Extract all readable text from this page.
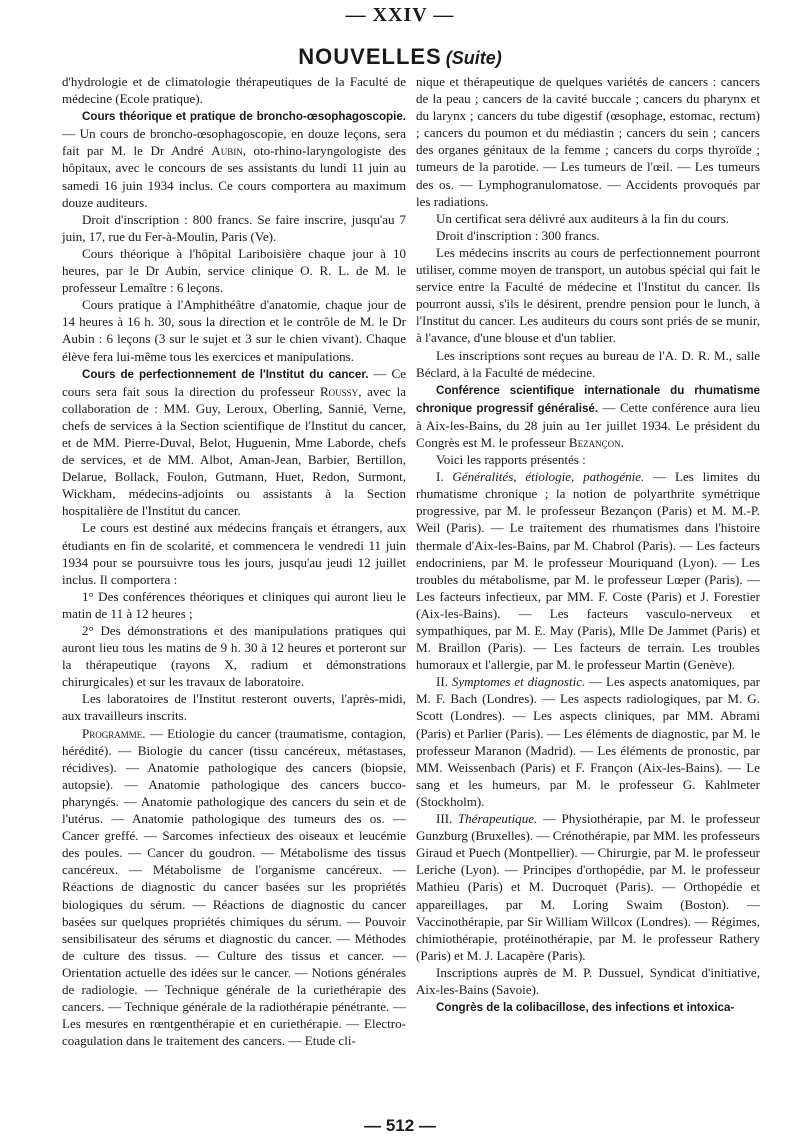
— XXIV —
NOUVELLES (Suite)

d'hydrologie et de climatologie thérapeutiques de la Faculté de médecine (Ecole pratique).

Cours théorique et pratique de broncho-œsophagoscopie. — Un cours de broncho-œsophagoscopie, en douze leçons, sera fait par M. le Dr André Aubin, oto-rhino-laryngologiste des hôpitaux, avec le concours de ses assistants du lundi 11 juin au samedi 16 juin 1934 inclus. Ce cours comportera au maximum douze auditeurs.

Droit d'inscription : 800 francs. Se faire inscrire, jusqu'au 7 juin, 17, rue du Fer-à-Moulin, Paris (Ve).

Cours théorique à l'hôpital Lariboisière chaque jour à 10 heures, par le Dr Aubin, service clinique O. R. L. de M. le professeur Lemaître : 6 leçons.

Cours pratique à l'Amphithéâtre d'anatomie, chaque jour de 14 heures à 16 h. 30, sous la direction et le contrôle de M. le Dr Aubin : 6 leçons (3 sur le sujet et 3 sur le chien vivant). Chaque élève fera lui-même tous les exercices et manipulations.

Cours de perfectionnement de l'Institut du cancer. — Ce cours sera fait sous la direction du professeur Roussy, avec la collaboration de : MM. Guy, Leroux, Oberling, Sannié, Verne, chefs de services à la Section scientifique de l'Institut du cancer, et de MM. Pierre-Duval, Belot, Huguenin, Mme Laborde, chefs de services, et de MM. Albot, Aman-Jean, Barbier, Bertillon, Delarue, Bollack, Foulon, Gutmann, Huet, Redon, Surmont, Wickham, médecins-adjoints ou assistants à la Section hospitalière de l'Institut du cancer.

Le cours est destiné aux médecins français et étrangers, aux étudiants en fin de scolarité, et commencera le vendredi 11 juin 1934 pour se poursuivre tous les jours, jusqu'au jeudi 12 juillet inclus. Il comportera :

1° Des conférences théoriques et cliniques qui auront lieu le matin de 11 à 12 heures ;

2° Des démonstrations et des manipulations pratiques qui auront lieu tous les matins de 9 h. 30 à 12 heures et porteront sur la thérapeutique (rayons X, radium et démonstrations chirurgicales) et sur les travaux de laboratoire.

Les laboratoires de l'Institut resteront ouverts, l'après-midi, aux travailleurs inscrits.

Programme. — Etiologie du cancer (traumatisme, contagion, hérédité). — Biologie du cancer (tissu cancéreux, métastases, récidives). — Anatomie pathologique des cancers (biopsie, autopsie). — Anatomie pathologique des cancers bucco-pharyngés. — Anatomie pathologique des cancers du sein et de l'utérus. — Anatomie pathologique des tumeurs des os. — Cancer greffé. — Sarcomes infectieux des oiseaux et leucémie des poules. — Cancer du goudron. — Métabolisme des tissus cancéreux. — Métabolisme de l'organisme cancéreux. — Réactions de diagnostic du cancer basées sur les propriétés biologiques du sérum. — Réactions de diagnostic du cancer basées sur quelques propriétés chimiques du sérum. — Pouvoir sensibilisateur des sérums et diagnostic du cancer. — Méthodes de culture des tissus. — Culture des tissus et cancer. — Orientation actuelle des idées sur le cancer. — Notions générales de radiologie. — Technique générale de la curiethérapie des cancers. — Technique générale de la radiothérapie pénétrante. — Les mesures en rœntgenthérapie et en curiethérapie. — Electro-coagulation dans le traitement des cancers. — Etude cli-

nique et thérapeutique de quelques variétés de cancers : cancers de la peau ; cancers de la cavité buccale ; cancers du pharynx et du larynx ; cancers du tube digestif (œsophage, estomac, rectum) ; cancers du poumon et du médiastin ; cancers du sein ; cancers des organes génitaux de la femme ; cancers du corps thyroïde ; tumeurs de la parotide. — Les tumeurs de l'œil. — Les tumeurs des os. — Lymphogranulomatose. — Accidents provoqués par les radiations.

Un certificat sera délivré aux auditeurs à la fin du cours.

Droit d'inscription : 300 francs.

Les médecins inscrits au cours de perfectionnement pourront utiliser, comme moyen de transport, un autobus spécial qui fait le service entre la Faculté de médecine et l'Institut du cancer. Ils pourront aussi, s'ils le désirent, prendre pension pour le lunch, à l'Institut du cancer. Les auditeurs du cours sont priés de se munir, à l'avance, d'une blouse et d'un tablier.

Les inscriptions sont reçues au bureau de l'A. D. R. M., salle Béclard, à la Faculté de médecine.

Conférence scientifique internationale du rhumatisme chronique progressif généralisé. — Cette conférence aura lieu à Aix-les-Bains, du 28 juin au 1er juillet 1934. Le président du Congrès est M. le professeur Bezançon.

Voici les rapports présentés :

I. Généralités, étiologie, pathogénie. — Les limites du rhumatisme chronique ; la notion de polyarthrite symétrique progressive, par M. le professeur Bezançon (Paris) et M. M.-P. Weil (Paris). — Le traitement des rhumatismes dans l'histoire thermale d'Aix-les-Bains, par M. Chabrol (Paris). — Les facteurs endocriniens, par M. le professeur Mouriquand (Lyon). — Les troubles du métabolisme, par M. le professeur Lœper (Paris). — Les facteurs infectieux, par MM. F. Coste (Paris) et J. Forestier (Aix-les-Bains). — Les facteurs vasculo-nerveux et sympathiques, par M. E. May (Paris), Mlle De Jammet (Paris) et M. Braillon (Paris). — Les facteurs de terrain. Les troubles humoraux et l'allergie, par M. le professeur Martin (Genève).

II. Symptomes et diagnostic. — Les aspects anatomiques, par M. F. Bach (Londres). — Les aspects radiologiques, par M. G. Scott (Londres). — Les aspects cliniques, par MM. Abrami (Paris) et Parlier (Paris). — Les éléments de diagnostic, par M. le professeur Maranon (Madrid). — Les éléments de pronostic, par MM. Weissenbach (Paris) et F. Françon (Aix-les-Bains). — Le sang et les humeurs, par M. le professeur G. Kahlmeter (Stockholm).

III. Thérapeutique. — Physiothérapie, par M. le professeur Gunzburg (Bruxelles). — Crénothérapie, par MM. les professeurs Giraud et Puech (Montpellier). — Chirurgie, par M. le professeur Leriche (Lyon). — Principes d'orthopédie, par M. le professeur Mathieu (Paris) et M. Ducroquet (Paris). — Orthopédie et appareillages, par M. Loring Swaim (Boston). — Vaccinothérapie, par Sir William Willcox (Londres). — Régimes, chimiothérapie, protéinothérapie, par M. le professeur Rathery (Paris) et M. J. Lacapère (Paris).

Inscriptions auprès de M. P. Dussuel, Syndicat d'initiative, Aix-les-Bains (Savoie).

Congrès de la colibacillose, des infections et intoxica-

— 512 —
